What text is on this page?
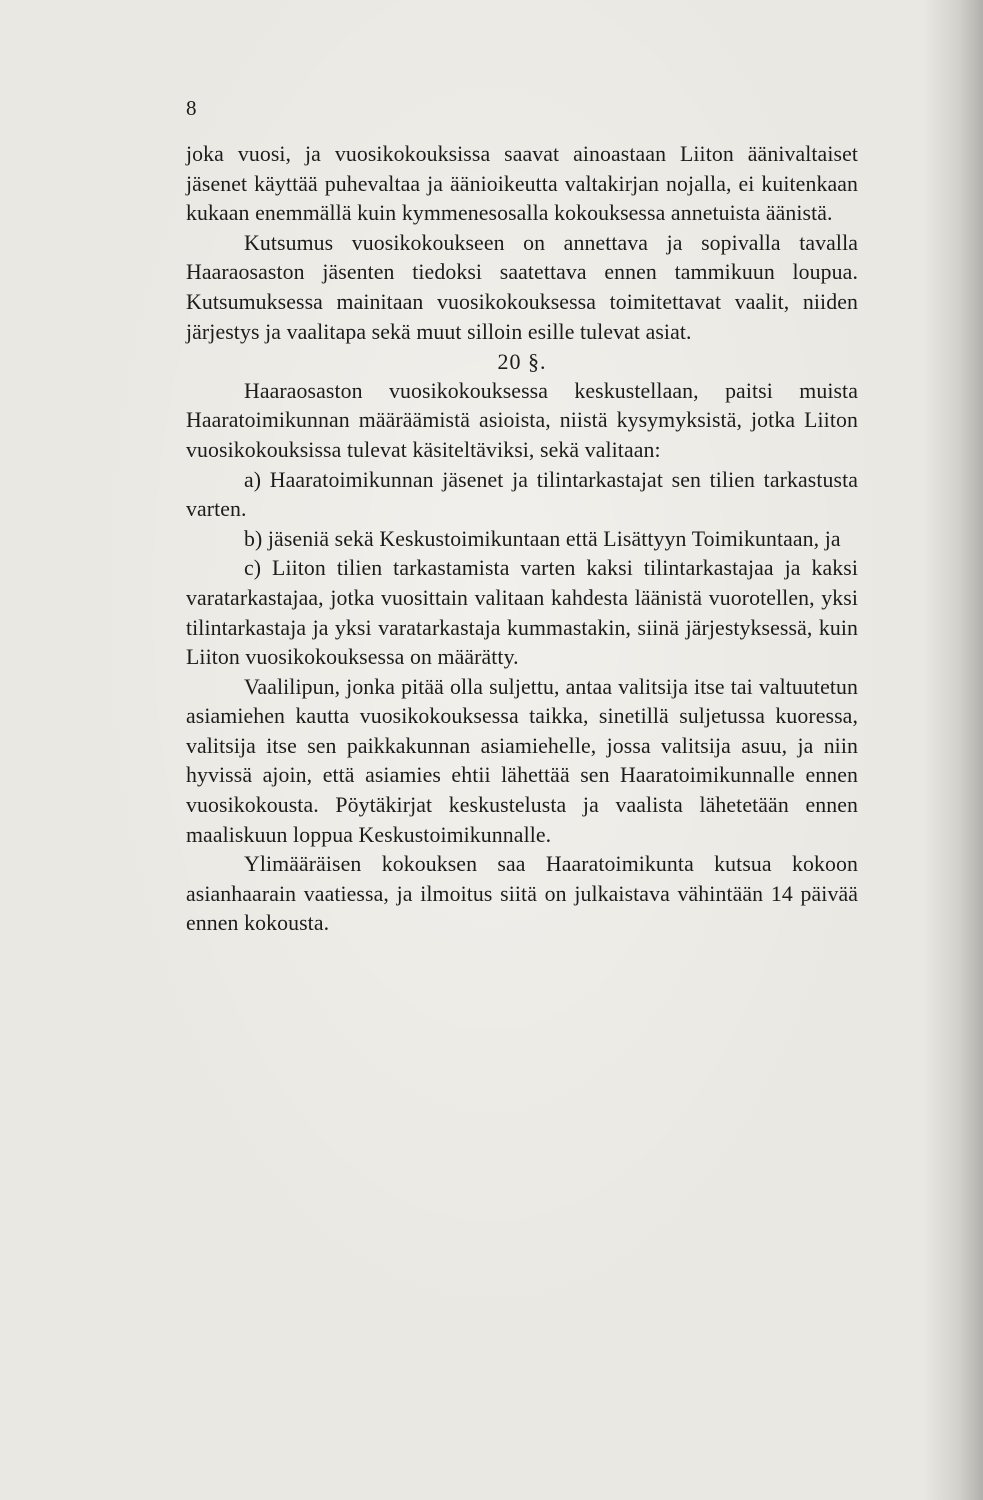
8

joka vuosi, ja vuosikokouksissa saavat ainoastaan Liiton äänivaltaiset jäsenet käyttää puhevaltaa ja äänioikeutta valtakirjan nojalla, ei kuitenkaan kukaan enemmällä kuin kymmenesosalla kokouksessa annetuista äänistä.

Kutsumus vuosikokoukseen on annettava ja sopivalla tavalla Haaraosaston jäsenten tiedoksi saatettava ennen tammikuun loupua. Kutsumuksessa mainitaan vuosikokouksessa toimitettavat vaalit, niiden järjestys ja vaalitapa sekä muut silloin esille tulevat asiat.

20 §.

Haaraosaston vuosikokouksessa keskustellaan, paitsi muista Haaratoimikunnan määräämistä asioista, niistä kysymyksistä, jotka Liiton vuosikokouksissa tulevat käsiteltäviksi, sekä valitaan:

a) Haaratoimikunnan jäsenet ja tilintarkastajat sen tilien tarkastusta varten.

b) jäseniä sekä Keskustoimikuntaan että Lisättyyn Toimikuntaan, ja

c) Liiton tilien tarkastamista varten kaksi tilintarkastajaa ja kaksi varatarkastajaa, jotka vuosittain valitaan kahdesta läänistä vuorotellen, yksi tilintarkastaja ja yksi varatarkastaja kummastakin, siinä järjestyksessä, kuin Liiton vuosikokouksessa on määrätty.

Vaalilipun, jonka pitää olla suljettu, antaa valitsija itse tai valtuutetun asiamiehen kautta vuosikokouksessa taikka, sinetillä suljetussa kuoressa, valitsija itse sen paikkakunnan asiamiehelle, jossa valitsija asuu, ja niin hyvissä ajoin, että asiamies ehtii lähettää sen Haaratoimikunnalle ennen vuosikokousta. Pöytäkirjat keskustelusta ja vaalista lähetetään ennen maaliskuun loppua Keskustoimikunnalle.

Ylimääräisen kokouksen saa Haaratoimikunta kutsua kokoon asianhaarain vaatiessa, ja ilmoitus siitä on julkaistava vähintään 14 päivää ennen kokousta.
